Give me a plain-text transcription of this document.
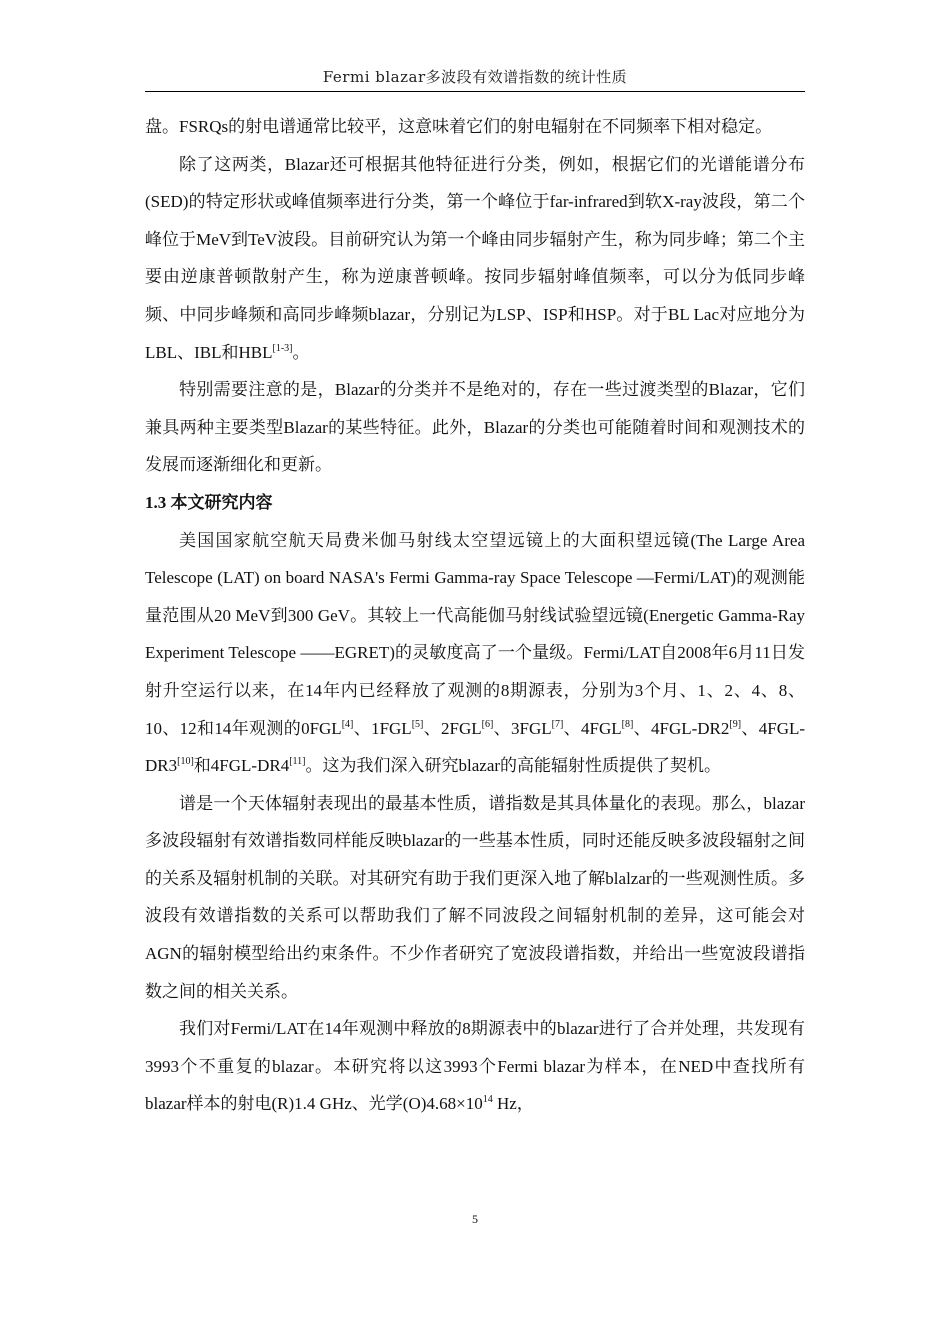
Fermi blazar多波段有效谱指数的统计性质

盘。FSRQs的射电谱通常比较平，这意味着它们的射电辐射在不同频率下相对稳定。

除了这两类，Blazar还可根据其他特征进行分类，例如，根据它们的光谱能谱分布(SED)的特定形状或峰值频率进行分类，第一个峰位于far-infrared到软X-ray波段，第二个峰位于MeV到TeV波段。目前研究认为第一个峰由同步辐射产生，称为同步峰；第二个主要由逆康普顿散射产生，称为逆康普顿峰。按同步辐射峰值频率，可以分为低同步峰频、中同步峰频和高同步峰频blazar，分别记为LSP、ISP和HSP。对于BL Lac对应地分为LBL、IBL和HBL[1-3]。

特别需要注意的是，Blazar的分类并不是绝对的，存在一些过渡类型的Blazar，它们兼具两种主要类型Blazar的某些特征。此外，Blazar的分类也可能随着时间和观测技术的发展而逐渐细化和更新。

1.3 本文研究内容

美国国家航空航天局费米伽马射线太空望远镜上的大面积望远镜(The Large Area Telescope (LAT) on board NASA's Fermi Gamma-ray Space Telescope —Fermi/LAT)的观测能量范围从20 MeV到300 GeV。其较上一代高能伽马射线试验望远镜(Energetic Gamma-Ray Experiment Telescope ——EGRET)的灵敏度高了一个量级。Fermi/LAT自2008年6月11日发射升空运行以来，在14年内已经释放了观测的8期源表，分别为3个月、1、2、4、8、10、12和14年观测的0FGL[4]、1FGL[5]、2FGL[6]、3FGL[7]、4FGL[8]、4FGL-DR2[9]、4FGL-DR3[10]和4FGL-DR4[11]。这为我们深入研究blazar的高能辐射性质提供了契机。

谱是一个天体辐射表现出的最基本性质，谱指数是其具体量化的表现。那么，blazar多波段辐射有效谱指数同样能反映blazar的一些基本性质，同时还能反映多波段辐射之间的关系及辐射机制的关联。对其研究有助于我们更深入地了解blalzar的一些观测性质。多波段有效谱指数的关系可以帮助我们了解不同波段之间辐射机制的差异，这可能会对AGN的辐射模型给出约束条件。不少作者研究了宽波段谱指数，并给出一些宽波段谱指数之间的相关关系。

我们对Fermi/LAT在14年观测中释放的8期源表中的blazar进行了合并处理，共发现有3993个不重复的blazar。本研究将以这3993个Fermi blazar为样本，在NED中查找所有blazar样本的射电(R)1.4 GHz、光学$(O)4.68\times 10^{14}$ Hz，

5
